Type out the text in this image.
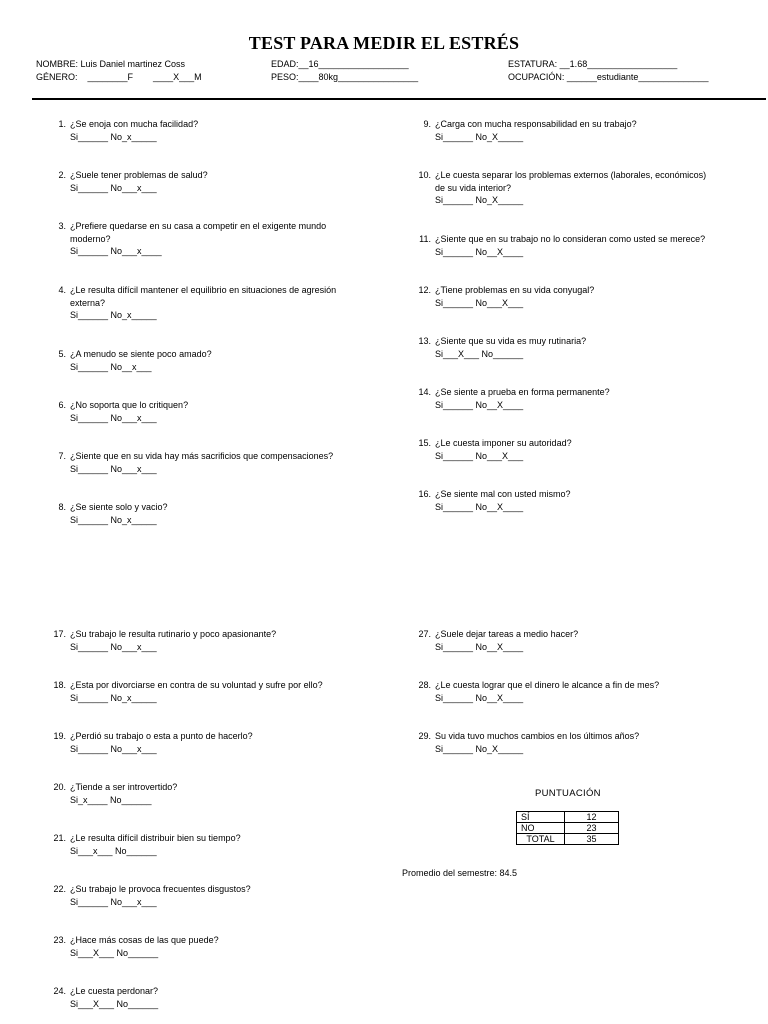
TEST PARA MEDIR EL ESTRÉS
NOMBRE: Luis Daniel martinez Coss
GÉNERO:    ________F        ____X___M
EDAD:__16__________________
PESO:____80kg________________
ESTATURA: __1.68__________________
OCUPACIÓN: ______estudiante______________
1. ¿Se enoja con mucha facilidad?
Si______ No_x_____
2. ¿Suele tener problemas de salud?
Si______ No___x___
3. ¿Prefiere quedarse en su casa a competir en el exigente mundo
moderno?
Si______ No___x____
4. ¿Le resulta difícil mantener el equilibrio en situaciones de agresión
externa?
Si______ No_x_____
5. ¿A menudo se siente poco amado?
Si______ No__x___
6. ¿No soporta que lo critiquen?
Si______ No___x___
7. ¿Siente que en su vida hay más sacrificios que compensaciones?
Si______ No___x___
8. ¿Se siente solo y vacio?
Si______ No_x_____
9. ¿Carga con mucha responsabilidad en su trabajo?
Si______ No_X_____
10. ¿Le cuesta separar los problemas externos (laborales, económicos)
de su vida interior?
Si______ No_X_____
11. ¿Siente que en su trabajo no lo consideran como usted se merece?
Si______ No__X____
12. ¿Tiene problemas en su vida conyugal?
Si______ No___X___
13. ¿Siente que su vida es muy rutinaria?
Si___X___ No______
14. ¿Se siente a prueba en forma permanente?
Si______ No__X____
15. ¿Le cuesta imponer su autoridad?
Si______ No___X___
16. ¿Se siente mal con usted mismo?
Si______ No__X____
17. ¿Su trabajo le resulta rutinario y poco apasionante?
Si______ No___x___
18. ¿Esta por divorciarse en contra de su voluntad y sufre por ello?
Si______ No_x_____
19. ¿Perdió su trabajo o esta a punto de hacerlo?
Si______ No___x___
20. ¿Tiende a ser introvertido?
Si_x____ No______
21. ¿Le resulta difícil distribuir bien su tiempo?
Si___x___ No______
22. ¿Su trabajo le provoca frecuentes disgustos?
Si______ No___x___
23. ¿Hace más cosas de las que puede?
Si___X___ No______
24. ¿Le cuesta perdonar?
Si___X___ No______
27. ¿Suele dejar tareas a medio hacer?
Si______ No__X____
28. ¿Le cuesta lograr que el dinero le alcance a fin de mes?
Si______ No__X____
29. Su vida tuvo muchos cambios en los últimos años?
Si______ No_X_____
PUNTUACIÓN
SÍ	12
NO	23
TOTAL	35
Promedio del semestre: 84.5
